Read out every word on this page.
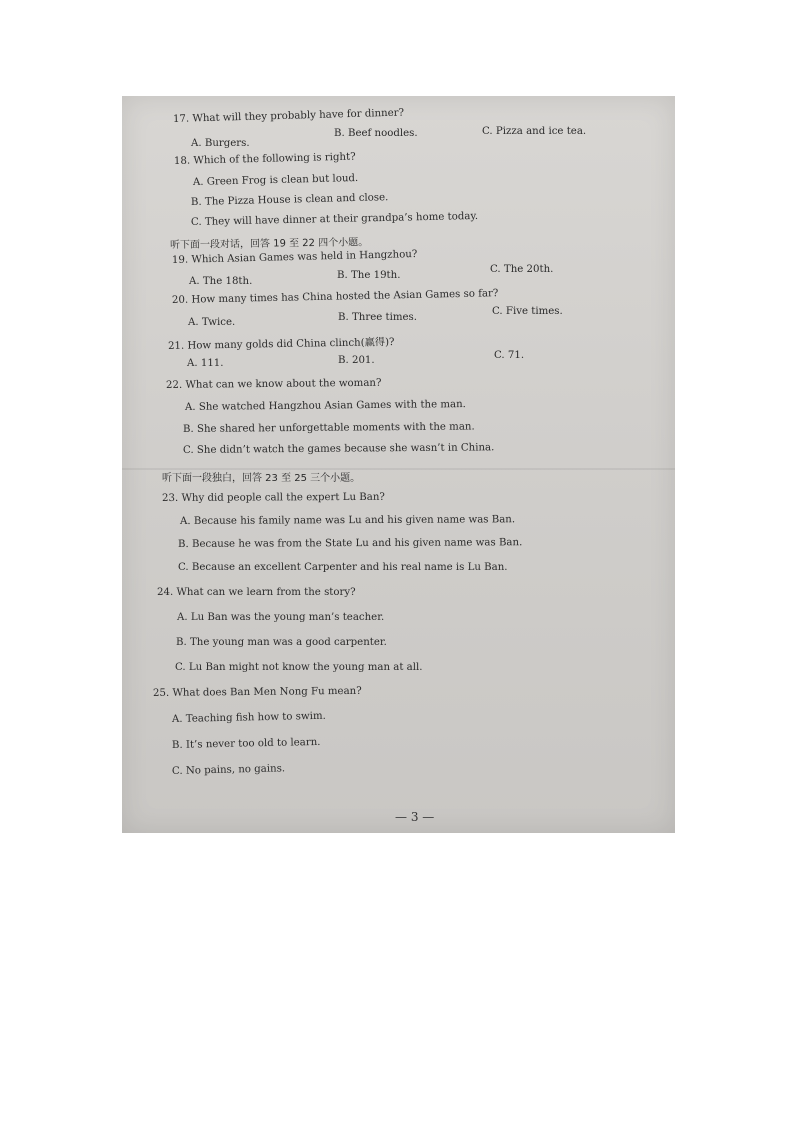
17. What will they probably have for dinner?
A. Burgers.
B. Beef noodles.	C. Pizza and ice tea.
18. Which of the following is right?
A. Green Frog is clean but loud.
B. The Pizza House is clean and close.
C. They will have dinner at their grandpa’s home today.
听下面一段对话，回答 19 至 22 四个小题。
19. Which Asian Games was held in Hangzhou?
A. The 18th.
B. The 19th.
C. The 20th.
20. How many times has China hosted the Asian Games so far?
A. Twice.	B. Three times.
C. Five times.
21. How many golds did China clinch(赢得)?
A. 111.	B. 201.	C. 71.
22. What can we know about the woman?
A. She watched Hangzhou Asian Games with the man.
B. She shared her unforgettable moments with the man.
C. She didn’t watch the games because she wasn’t in China.
听下面一段独白，回答 23 至 25 三个小题。
23. Why did people call the expert Lu Ban?
A. Because his family name was Lu and his given name was Ban.
B. Because he was from the State Lu and his given name was Ban.
C. Because an excellent Carpenter and his real name is Lu Ban.
24. What can we learn from the story?
A. Lu Ban was the young man’s teacher.
B. The young man was a good carpenter.
C. Lu Ban might not know the young man at all.
25. What does Ban Men Nong Fu mean?
A. Teaching fish how to swim.
B. It’s never too old to learn.
C. No pains, no gains.
— 3 —
